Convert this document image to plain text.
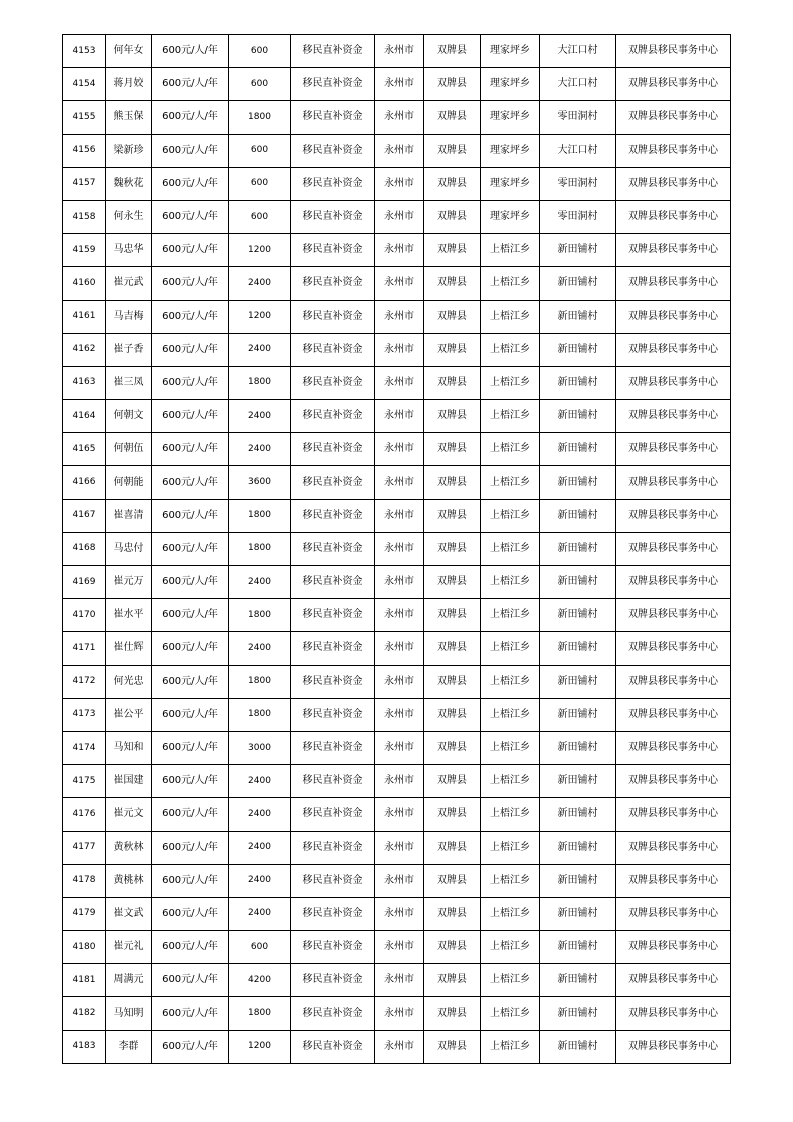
4153	何年女	600元/人/年	600	移民直补资金	永州市	双牌县	理家坪乡	大江口村	双牌县移民事务中心
4154	蒋月姣	600元/人/年	600	移民直补资金	永州市	双牌县	理家坪乡	大江口村	双牌县移民事务中心
4155	熊玉保	600元/人/年	1800	移民直补资金	永州市	双牌县	理家坪乡	零田洞村	双牌县移民事务中心
4156	梁新珍	600元/人/年	600	移民直补资金	永州市	双牌县	理家坪乡	大江口村	双牌县移民事务中心
4157	魏秋花	600元/人/年	600	移民直补资金	永州市	双牌县	理家坪乡	零田洞村	双牌县移民事务中心
4158	何永生	600元/人/年	600	移民直补资金	永州市	双牌县	理家坪乡	零田洞村	双牌县移民事务中心
4159	马忠华	600元/人/年	1200	移民直补资金	永州市	双牌县	上梧江乡	新田铺村	双牌县移民事务中心
4160	崔元武	600元/人/年	2400	移民直补资金	永州市	双牌县	上梧江乡	新田铺村	双牌县移民事务中心
4161	马吉梅	600元/人/年	1200	移民直补资金	永州市	双牌县	上梧江乡	新田铺村	双牌县移民事务中心
4162	崔子香	600元/人/年	2400	移民直补资金	永州市	双牌县	上梧江乡	新田铺村	双牌县移民事务中心
4163	崔三凤	600元/人/年	1800	移民直补资金	永州市	双牌县	上梧江乡	新田铺村	双牌县移民事务中心
4164	何朝文	600元/人/年	2400	移民直补资金	永州市	双牌县	上梧江乡	新田铺村	双牌县移民事务中心
4165	何朝伍	600元/人/年	2400	移民直补资金	永州市	双牌县	上梧江乡	新田铺村	双牌县移民事务中心
4166	何朝能	600元/人/年	3600	移民直补资金	永州市	双牌县	上梧江乡	新田铺村	双牌县移民事务中心
4167	崔喜清	600元/人/年	1800	移民直补资金	永州市	双牌县	上梧江乡	新田铺村	双牌县移民事务中心
4168	马忠付	600元/人/年	1800	移民直补资金	永州市	双牌县	上梧江乡	新田铺村	双牌县移民事务中心
4169	崔元万	600元/人/年	2400	移民直补资金	永州市	双牌县	上梧江乡	新田铺村	双牌县移民事务中心
4170	崔水平	600元/人/年	1800	移民直补资金	永州市	双牌县	上梧江乡	新田铺村	双牌县移民事务中心
4171	崔仕辉	600元/人/年	2400	移民直补资金	永州市	双牌县	上梧江乡	新田铺村	双牌县移民事务中心
4172	何光忠	600元/人/年	1800	移民直补资金	永州市	双牌县	上梧江乡	新田铺村	双牌县移民事务中心
4173	崔公平	600元/人/年	1800	移民直补资金	永州市	双牌县	上梧江乡	新田铺村	双牌县移民事务中心
4174	马知和	600元/人/年	3000	移民直补资金	永州市	双牌县	上梧江乡	新田铺村	双牌县移民事务中心
4175	崔国建	600元/人/年	2400	移民直补资金	永州市	双牌县	上梧江乡	新田铺村	双牌县移民事务中心
4176	崔元文	600元/人/年	2400	移民直补资金	永州市	双牌县	上梧江乡	新田铺村	双牌县移民事务中心
4177	黄秋林	600元/人/年	2400	移民直补资金	永州市	双牌县	上梧江乡	新田铺村	双牌县移民事务中心
4178	黄桃林	600元/人/年	2400	移民直补资金	永州市	双牌县	上梧江乡	新田铺村	双牌县移民事务中心
4179	崔文武	600元/人/年	2400	移民直补资金	永州市	双牌县	上梧江乡	新田铺村	双牌县移民事务中心
4180	崔元礼	600元/人/年	600	移民直补资金	永州市	双牌县	上梧江乡	新田铺村	双牌县移民事务中心
4181	周满元	600元/人/年	4200	移民直补资金	永州市	双牌县	上梧江乡	新田铺村	双牌县移民事务中心
4182	马知明	600元/人/年	1800	移民直补资金	永州市	双牌县	上梧江乡	新田铺村	双牌县移民事务中心
4183	李群	600元/人/年	1200	移民直补资金	永州市	双牌县	上梧江乡	新田铺村	双牌县移民事务中心
